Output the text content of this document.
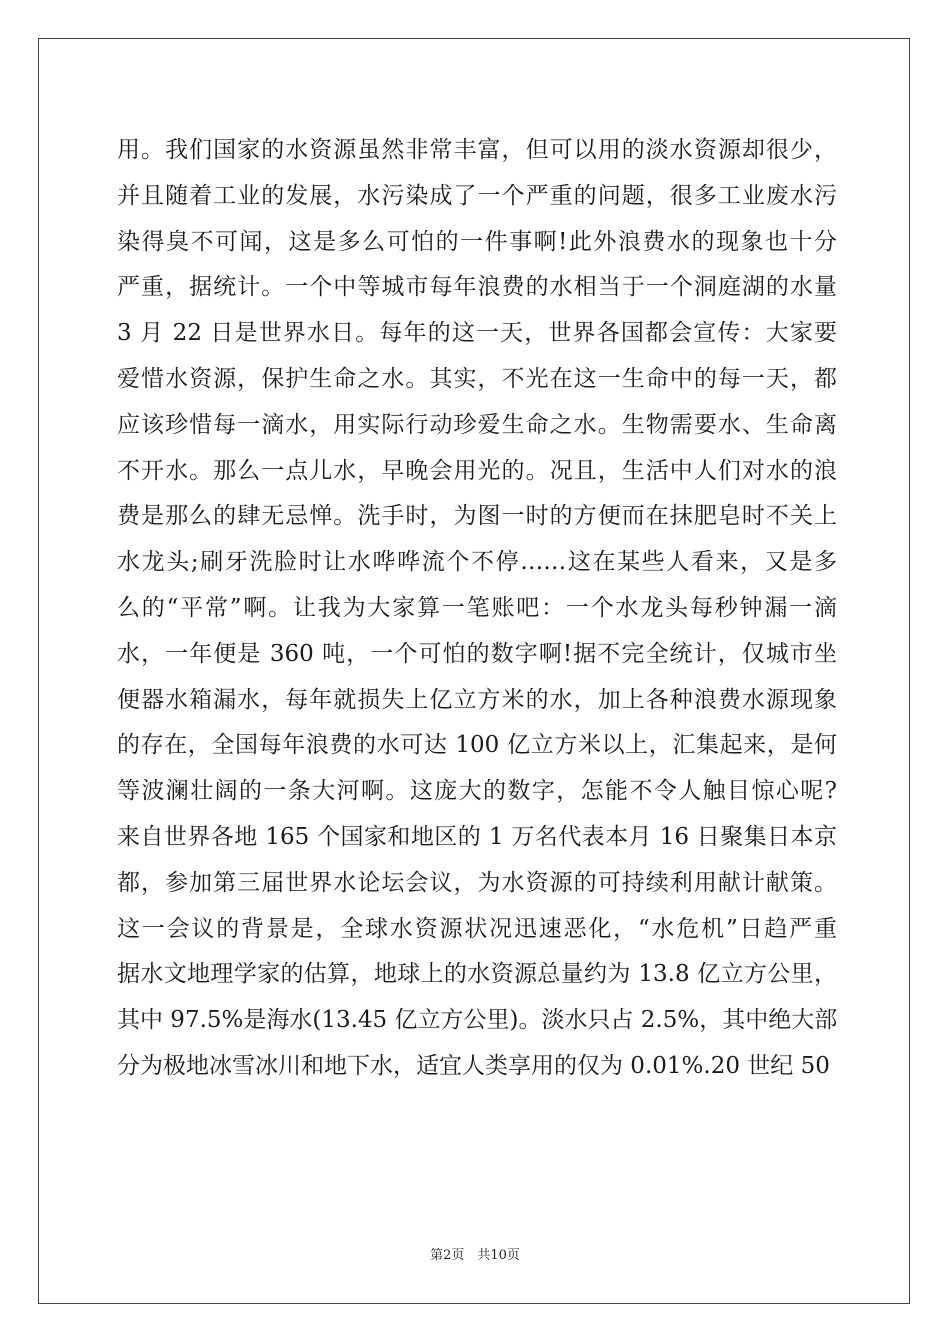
用。我们国家的水资源虽然非常丰富，但可以用的淡水资源却很少，
并且随着工业的发展，水污染成了一个严重的问题，很多工业废水污
染得臭不可闻，这是多么可怕的一件事啊!此外浪费水的现象也十分
严重，据统计。一个中等城市每年浪费的水相当于一个洞庭湖的水量
3 月 22 日是世界水日。每年的这一天，世界各国都会宣传：大家要
爱惜水资源，保护生命之水。其实，不光在这一生命中的每一天，都
应该珍惜每一滴水，用实际行动珍爱生命之水。生物需要水、生命离
不开水。那么一点儿水，早晚会用光的。况且，生活中人们对水的浪
费是那么的肆无忌惮。洗手时，为图一时的方便而在抹肥皂时不关上
水龙头;刷牙洗脸时让水哗哗流个不停……这在某些人看来，又是多
么的“平常”啊。让我为大家算一笔账吧：一个水龙头每秒钟漏一滴
水，一年便是 360 吨，一个可怕的数字啊!据不完全统计，仅城市坐
便器水箱漏水，每年就损失上亿立方米的水，加上各种浪费水源现象
的存在，全国每年浪费的水可达 100 亿立方米以上，汇集起来，是何
等波澜壮阔的一条大河啊。这庞大的数字，怎能不令人触目惊心呢?
来自世界各地 165 个国家和地区的 1 万名代表本月 16 日聚集日本京
都，参加第三届世界水论坛会议，为水资源的可持续利用献计献策。
这一会议的背景是，全球水资源状况迅速恶化，“水危机”日趋严重
据水文地理学家的估算，地球上的水资源总量约为 13.8 亿立方公里，
其中 97.5%是海水(13.45 亿立方公里)。淡水只占 2.5%，其中绝大部
分为极地冰雪冰川和地下水，适宜人类享用的仅为 0.01%.20 世纪 50
第2页　共10页
